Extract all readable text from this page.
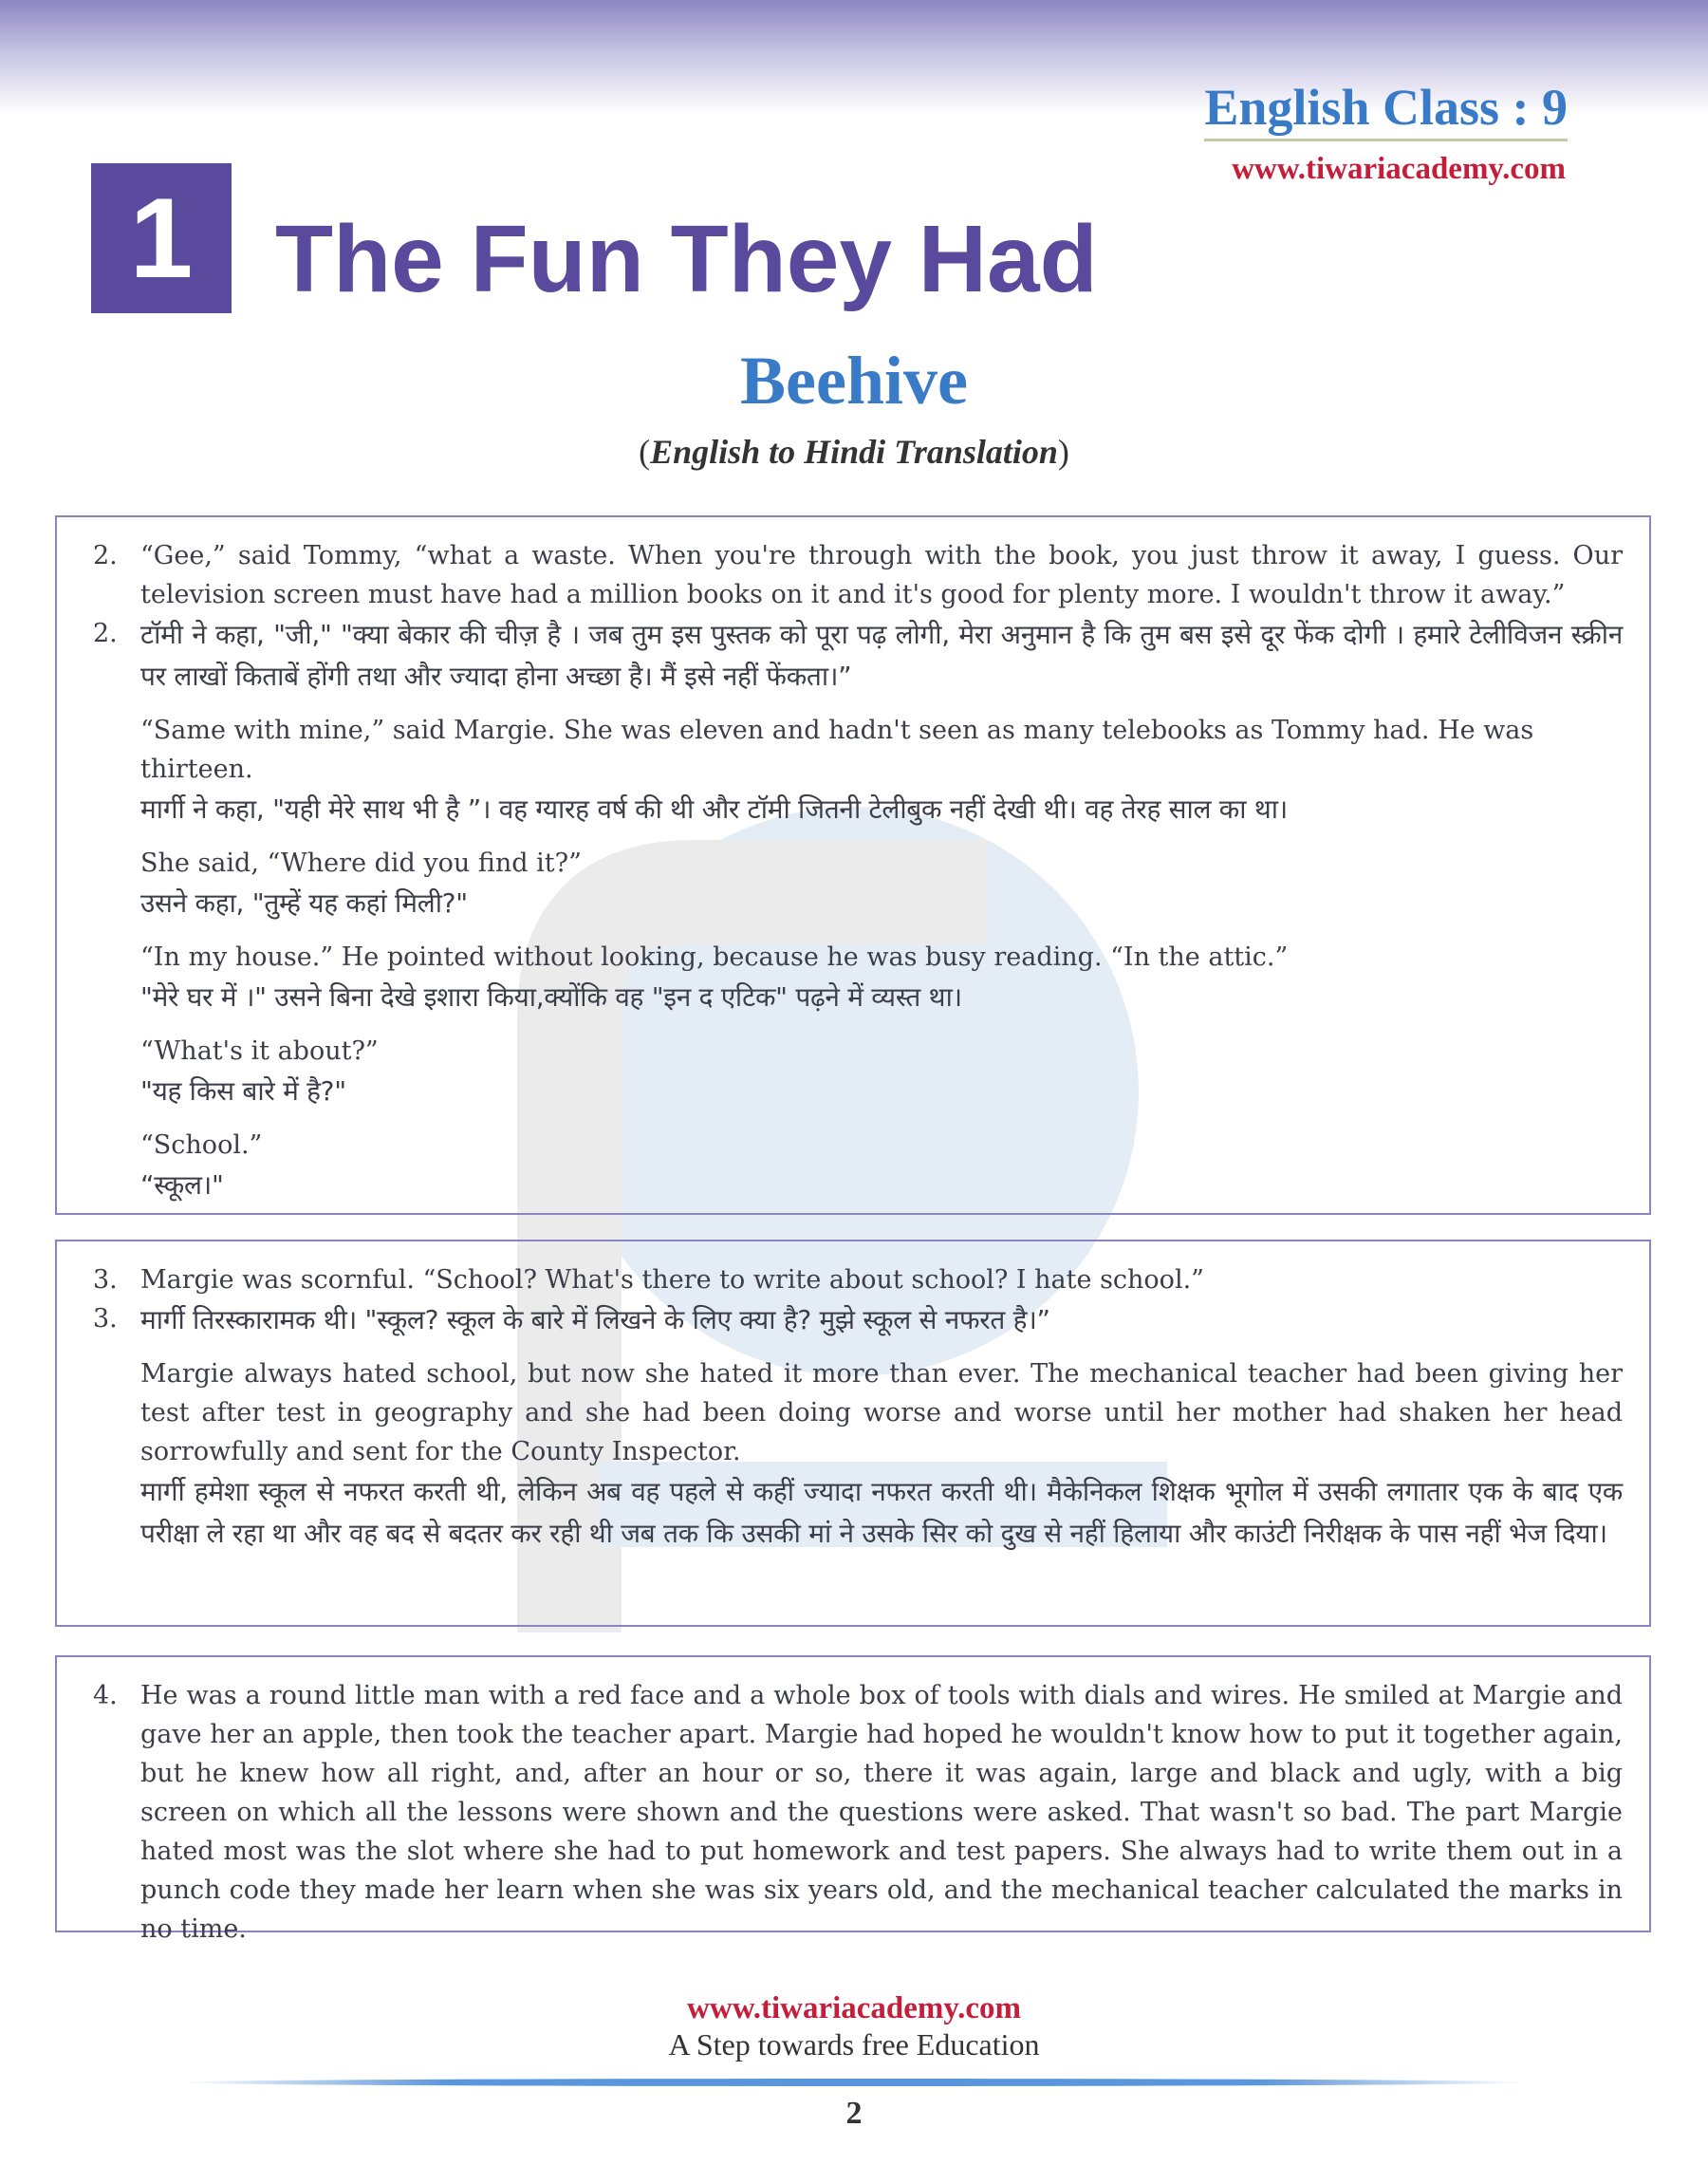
English Class : 9
www.tiwariacademy.com
1 The Fun They Had
Beehive
(English to Hindi Translation)
2. “Gee,” said Tommy, “what a waste. When you're through with the book, you just throw it away, I guess. Our television screen must have had a million books on it and it's good for plenty more. I wouldn't throw it away.”

2. टॉमी ने कहा, "जी," "क्या बेकार की चीज़ है । जब तुम इस पुस्तक को पूरा पढ़ लोगी, मेरा अनुमान है कि तुम बस इसे दूर फेंक दोगी । हमारे टेलीविजन स्क्रीन पर लाखों किताबें होंगी तथा और ज्यादा होना अच्छा है। मैं इसे नहीं फेंकता।”

“Same with mine,” said Margie. She was eleven and hadn't seen as many telebooks as Tommy had. He was thirteen.

मार्गी ने कहा, "यही मेरे साथ भी है ”। वह ग्यारह वर्ष की थी और टॉमी जितनी टेलीबुक नहीं देखी थी। वह तेरह साल का था।

She said, “Where did you find it?”

उसने कहा, "तुम्हें यह कहां मिली?"

“In my house.” He pointed without looking, because he was busy reading. “In the attic.”

"मेरे घर में ।" उसने बिना देखे इशारा किया,क्योंकि वह "इन द एटिक" पढ़ने में व्यस्त था।

“What's it about?”

"यह किस बारे में है?"

“School.”

“स्कूल।"

3. Margie was scornful. “School? What's there to write about school? I hate school.”

3. मार्गी तिरस्कारामक थी। "स्कूल? स्कूल के बारे में लिखने के लिए क्या है? मुझे स्कूल से नफरत है।”

Margie always hated school, but now she hated it more than ever. The mechanical teacher had been giving her test after test in geography and she had been doing worse and worse until her mother had shaken her head sorrowfully and sent for the County Inspector.

मार्गी हमेशा स्कूल से नफरत करती थी, लेकिन अब वह पहले से कहीं ज्यादा नफरत करती थी। मैकेनिकल शिक्षक भूगोल में उसकी लगातार एक के बाद एक परीक्षा ले रहा था और वह बद से बदतर कर रही थी जब तक कि उसकी मां ने उसके सिर को दुख से नहीं हिलाया और काउंटी निरीक्षक के पास नहीं भेज दिया।

4. He was a round little man with a red face and a whole box of tools with dials and wires. He smiled at Margie and gave her an apple, then took the teacher apart. Margie had hoped he wouldn't know how to put it together again, but he knew how all right, and, after an hour or so, there it was again, large and black and ugly, with a big screen on which all the lessons were shown and the questions were asked. That wasn't so bad. The part Margie hated most was the slot where she had to put homework and test papers. She always had to write them out in a punch code they made her learn when she was six years old, and the mechanical teacher calculated the marks in no time.

www.tiwariacademy.com
A Step towards free Education
2
